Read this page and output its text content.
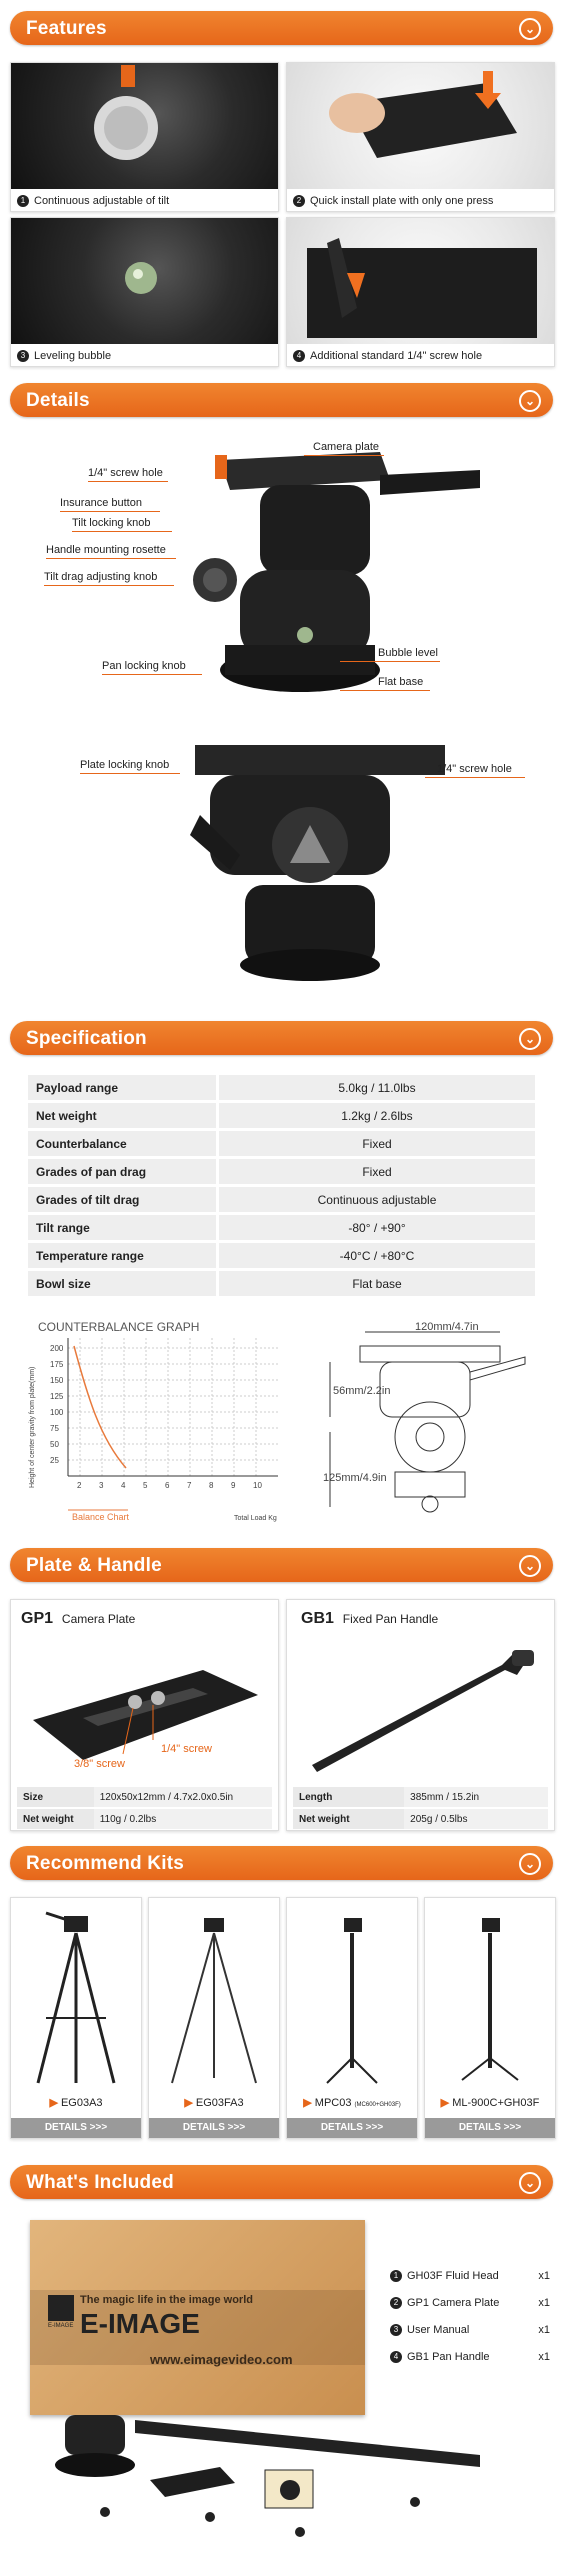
Features	⌄
1 Continuous adjustable of tilt	2 Quick install plate with only one press
3 Leveling bubble	4 Additional standard 1/4" screw hole
Details	⌄
Camera plate
1/4" screw hole
Insurance button
Tilt locking knob
Handle mounting rosette
Tilt drag adjusting knob
Pan locking knob
Bubble level
Flat base
Plate locking knob	1/4" screw hole
Specification	⌄
Payload range	5.0kg / 11.0lbs
Net weight	1.2kg / 2.6lbs
Counterbalance	Fixed
Grades of pan drag	Fixed
Grades of tilt drag	Continuous adjustable
Tilt range	-80° / +90°
Temperature range	-40°C / +80°C
Bowl size	Flat base
COUNTERBALANCE GRAPH
Height of center gravity from plate(mm)
200
175
150
125
100
75
50
25
2 3 4 5 6 7 8 9 10
Balance Chart	Total Load Kg
120mm/4.7in
56mm/2.2in
125mm/4.9in
Plate & Handle	⌄
GP1 Camera Plate
1/4" screw
3/8" screw
Size	120x50x12mm / 4.7x2.0x0.5in
Net weight	110g / 0.2lbs
GB1 Fixed Pan Handle
Length	385mm / 15.2in
Net weight	205g / 0.5lbs
Recommend Kits	⌄
▶ EG03A3
DETAILS >>>
▶ EG03FA3
DETAILS >>>
▶ MPC03 (MC600+GH03F)
DETAILS >>>
▶ ML-900C+GH03F
DETAILS >>>
What's Included	⌄
E-IMAGE
The magic life in the image world
E-IMAGE
www.eimagevideo.com
1 GH03F Fluid Head	x1
2 GP1 Camera Plate	x1
3 User Manual	x1
4 GB1 Pan Handle	x1
